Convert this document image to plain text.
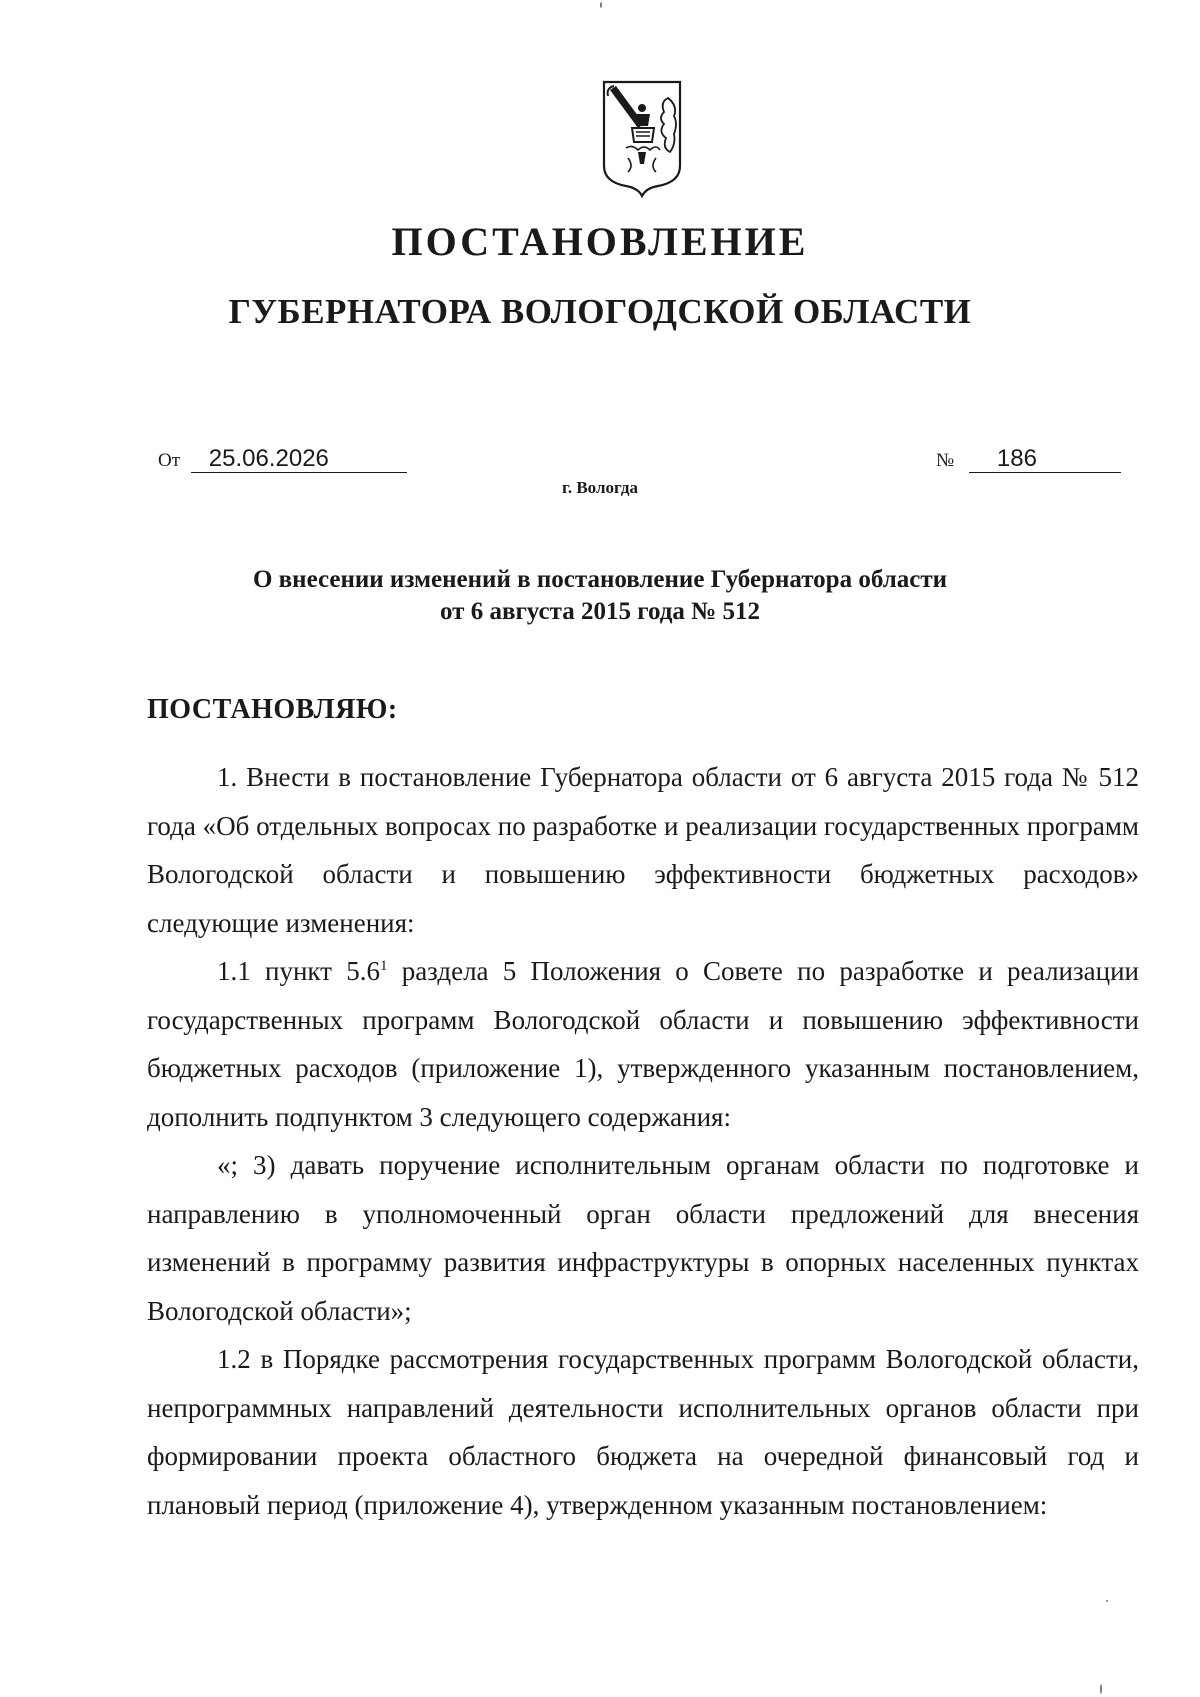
ПОСТАНОВЛЕНИЕ
ГУБЕРНАТОРА ВОЛОГОДСКОЙ ОБЛАСТИ
От 25.06.2026	№ 186
г. Вологда
О внесении изменений в постановление Губернатора области
от 6 августа 2015 года № 512
ПОСТАНОВЛЯЮ:

1. Внести в постановление Губернатора области от 6 августа 2015 года № 512 года «Об отдельных вопросах по разработке и реализации государственных программ Вологодской области и повышению эффективности бюджетных расходов» следующие изменения:

1.1 пункт $5.6^1$ раздела 5 Положения о Совете по разработке и реализации государственных программ Вологодской области и повышению эффективности бюджетных расходов (приложение 1), утвержденного указанным постановлением, дополнить подпунктом 3 следующего содержания:

«; 3) давать поручение исполнительным органам области по подготовке и направлению в уполномоченный орган области предложений для внесения изменений в программу развития инфраструктуры в опорных населенных пунктах Вологодской области»;

1.2 в Порядке рассмотрения государственных программ Вологодской области, непрограммных направлений деятельности исполнительных органов области при формировании проекта областного бюджета на очередной финансовый год и плановый период (приложение 4), утвержденном указанным постановлением:
